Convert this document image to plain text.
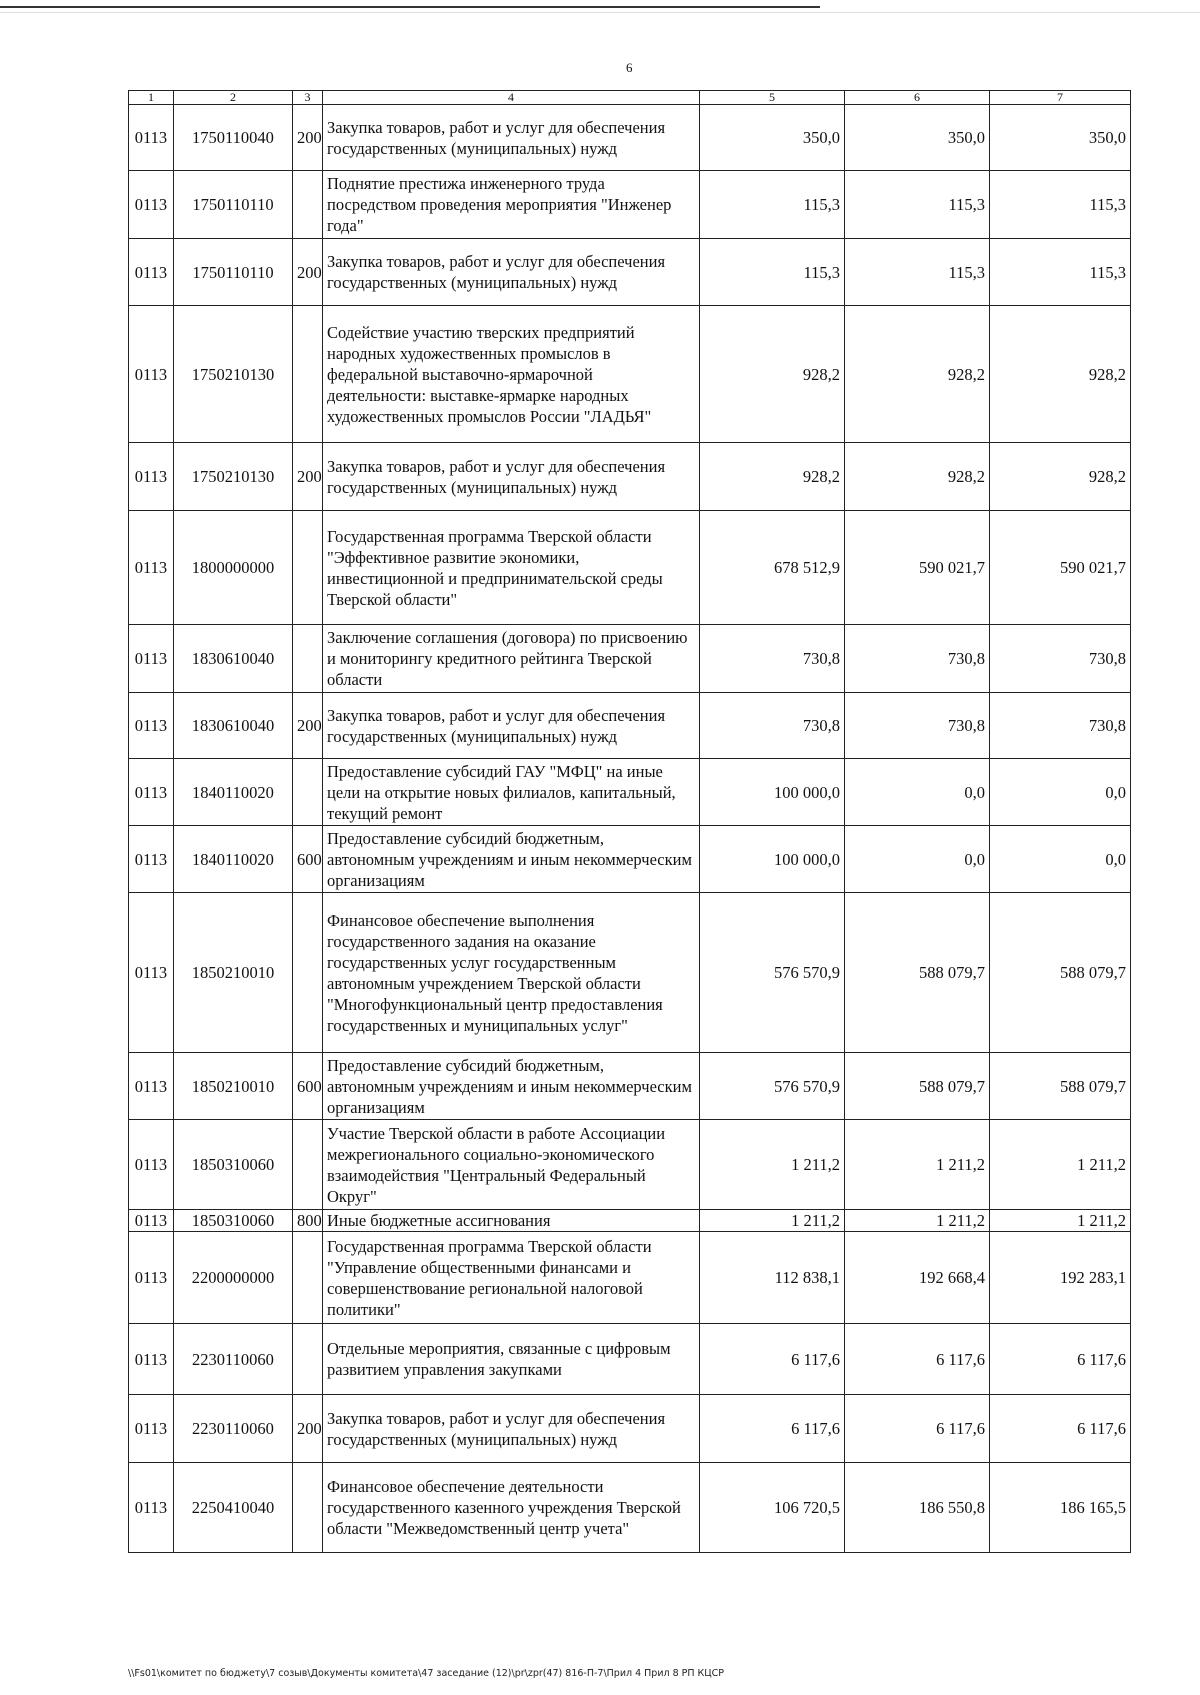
6
1	2	3	4	5	6	7
0113	1750110040	200	Закупка товаров, работ и услуг для обеспечения государственных (муниципальных) нужд	350,0	350,0	350,0
0113	1750110110		Поднятие престижа инженерного труда посредством проведения мероприятия "Инженер года"	115,3	115,3	115,3
0113	1750110110	200	Закупка товаров, работ и услуг для обеспечения государственных (муниципальных) нужд	115,3	115,3	115,3
0113	1750210130		Содействие участию тверских предприятий народных художественных промыслов в федеральной выставочно-ярмарочной деятельности: выставке-ярмарке народных художественных промыслов России "ЛАДЬЯ"	928,2	928,2	928,2
0113	1750210130	200	Закупка товаров, работ и услуг для обеспечения государственных (муниципальных) нужд	928,2	928,2	928,2
0113	1800000000		Государственная программа Тверской области "Эффективное развитие экономики, инвестиционной и предпринимательской среды Тверской области"	678 512,9	590 021,7	590 021,7
0113	1830610040		Заключение соглашения (договора) по присвоению и мониторингу кредитного рейтинга Тверской области	730,8	730,8	730,8
0113	1830610040	200	Закупка товаров, работ и услуг для обеспечения государственных (муниципальных) нужд	730,8	730,8	730,8
0113	1840110020		Предоставление субсидий ГАУ "МФЦ" на иные цели на открытие новых филиалов, капитальный, текущий ремонт	100 000,0	0,0	0,0
0113	1840110020	600	Предоставление субсидий бюджетным, автономным учреждениям и иным некоммерческим организациям	100 000,0	0,0	0,0
0113	1850210010		Финансовое обеспечение выполнения государственного задания на оказание государственных услуг государственным автономным учреждением Тверской области "Многофункциональный центр предоставления государственных и муниципальных услуг"	576 570,9	588 079,7	588 079,7
0113	1850210010	600	Предоставление субсидий бюджетным, автономным учреждениям и иным некоммерческим организациям	576 570,9	588 079,7	588 079,7
0113	1850310060		Участие Тверской области в работе Ассоциации межрегионального социально-экономического взаимодействия "Центральный Федеральный Округ"	1 211,2	1 211,2	1 211,2
0113	1850310060	800	Иные бюджетные ассигнования	1 211,2	1 211,2	1 211,2
0113	2200000000		Государственная программа Тверской области "Управление общественными финансами и совершенствование региональной налоговой политики"	112 838,1	192 668,4	192 283,1
0113	2230110060		Отдельные мероприятия, связанные с цифровым развитием управления закупками	6 117,6	6 117,6	6 117,6
0113	2230110060	200	Закупка товаров, работ и услуг для обеспечения государственных (муниципальных) нужд	6 117,6	6 117,6	6 117,6
0113	2250410040		Финансовое обеспечение деятельности государственного казенного учреждения Тверской области "Межведомственный центр учета"	106 720,5	186 550,8	186 165,5
\\Fs01\комитет по бюджету\7 созыв\Документы комитета\47 заседание (12)\pr\zpr(47) 816-П-7\Прил 4 Прил 8 РП КЦСР
